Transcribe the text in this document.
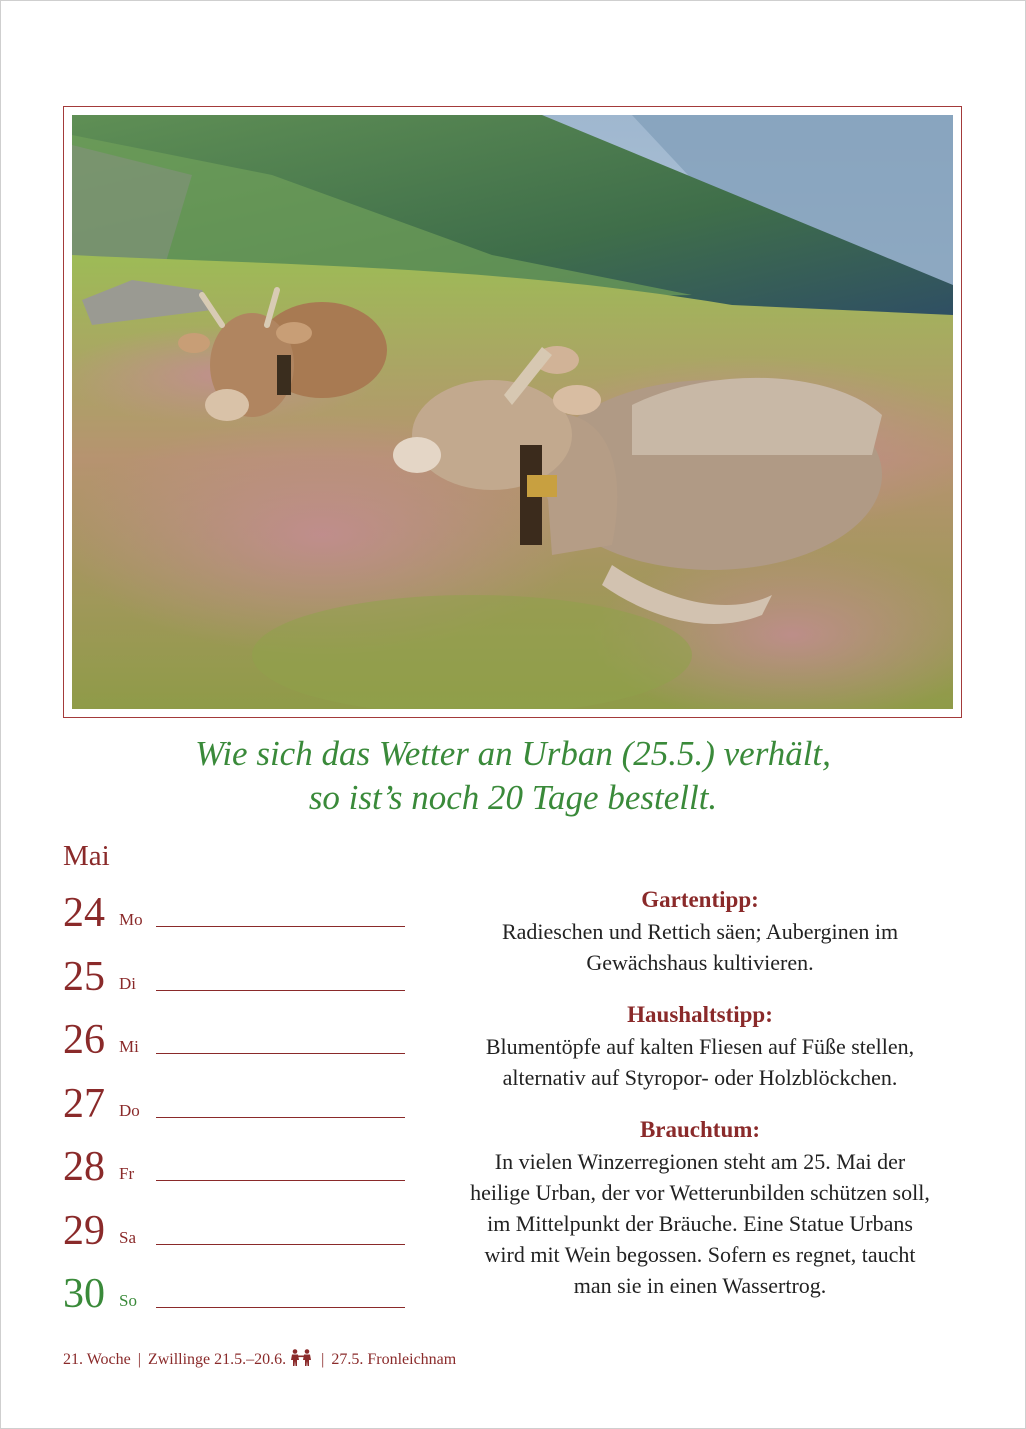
Wie sich das Wetter an Urban (25.5.) verhält,
so ist’s noch 20 Tage bestellt.
Mai
24 Mo
25 Di
26 Mi
27 Do
28 Fr
29 Sa
30 So
Gartentipp:
Radieschen und Rettich säen; Auberginen im
Gewächshaus kultivieren.
Haushaltstipp:
Blumentöpfe auf kalten Fliesen auf Füße stellen,
alternativ auf Styropor- oder Holzblöckchen.
Brauchtum:
In vielen Winzerregionen steht am 25. Mai der
heilige Urban, der vor Wetterunbilden schützen soll,
im Mittelpunkt der Bräuche. Eine Statue Urbans
wird mit Wein begossen. Sofern es regnet, taucht
man sie in einen Wassertrog.
21. Woche | Zwillinge 21.5.–20.6. | 27.5. Fronleichnam
